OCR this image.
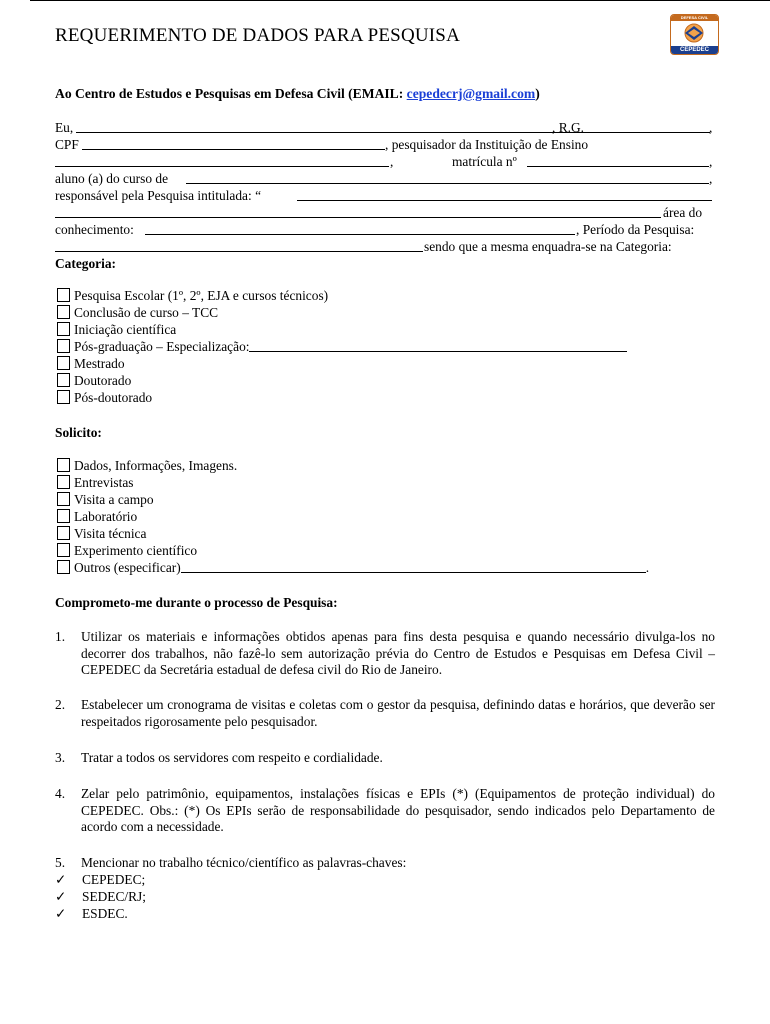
REQUERIMENTO DE DADOS PARA PESQUISA
DEFESA CIVIL
CEPEDEC
Ao Centro de Estudos e Pesquisas em Defesa Civil (EMAIL: cepedecrj@gmail.com)
Eu,	, R.G.	,
CPF	, pesquisador da Instituição de Ensino
,	matrícula nº	,
aluno (a) do curso de	,
responsável pela Pesquisa intitulada: “
área do
conhecimento:	, Período da Pesquisa:
sendo que a mesma enquadra-se na Categoria:
Categoria:
Pesquisa Escolar (1º, 2º, EJA e cursos técnicos)
Conclusão de curso – TCC
Iniciação científica
Pós-graduação – Especialização:
Mestrado
Doutorado
Pós-doutorado
Solicito:
Dados, Informações, Imagens.
Entrevistas
Visita a campo
Laboratório
Visita técnica
Experimento científico
Outros (especificar)	.
Comprometo-me durante o processo de Pesquisa:
1. Utilizar os materiais e informações obtidos apenas para fins desta pesquisa e quando necessário divulga-los no decorrer dos trabalhos, não fazê-lo sem autorização prévia do Centro de Estudos e Pesquisas em Defesa Civil – CEPEDEC da Secretária estadual de defesa civil do Rio de Janeiro.
2. Estabelecer um cronograma de visitas e coletas com o gestor da pesquisa, definindo datas e horários, que deverão ser respeitados rigorosamente pelo pesquisador.
3. Tratar a todos os servidores com respeito e cordialidade.
4. Zelar pelo patrimônio, equipamentos, instalações físicas e EPIs (*) (Equipamentos de proteção individual) do CEPEDEC. Obs.: (*) Os EPIs serão de responsabilidade do pesquisador, sendo indicados pelo Departamento de acordo com a necessidade.
5. Mencionar no trabalho técnico/científico as palavras-chaves:
✓ CEPEDEC;
✓ SEDEC/RJ;
✓ ESDEC.
